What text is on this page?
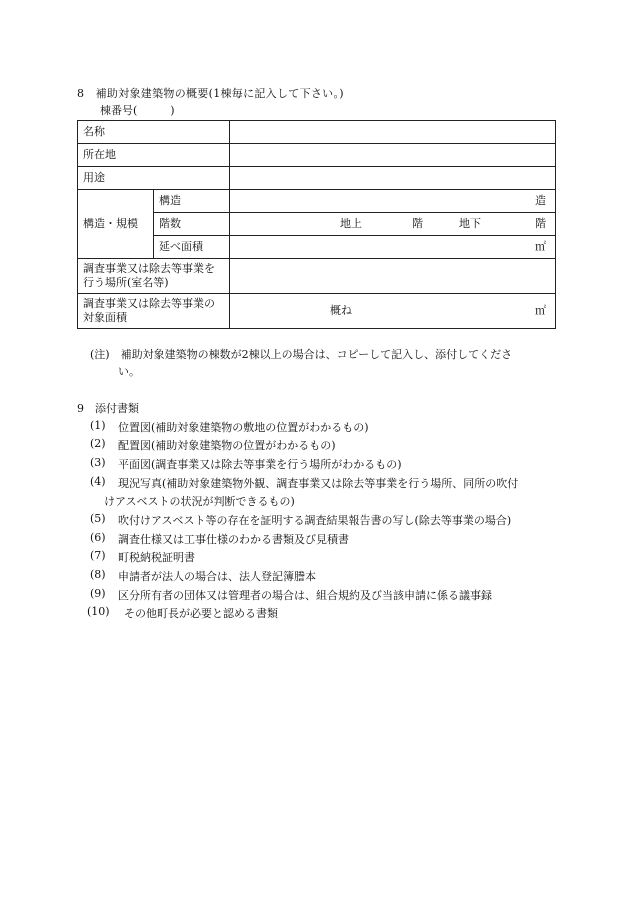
8　補助対象建築物の概要(1棟毎に記入して下さい。)
棟番号(　　　)
名称		
所在地		
用途		
構造・規模	構造	造

	階数	地上 階 地下 階

	延べ面積	㎡

調査事業又は除去等事業を行う場所(室名等)		
調査事業又は除去等事業の対象面積		概ね ㎡
(注)　補助対象建築物の棟数が2棟以上の場合は、コピーして記入し、添付してくださ
い。
9　添付書類
(1) 位置図(補助対象建築物の敷地の位置がわかるもの)
(2) 配置図(補助対象建築物の位置がわかるもの)
(3) 平面図(調査事業又は除去等事業を行う場所がわかるもの)
(4) 現況写真(補助対象建築物外観、調査事業又は除去等事業を行う場所、同所の吹付
けアスベストの状況が判断できるもの)
(5) 吹付けアスベスト等の存在を証明する調査結果報告書の写し(除去等事業の場合)
(6) 調査仕様又は工事仕様のわかる書類及び見積書
(7) 町税納税証明書
(8) 申請者が法人の場合は、法人登記簿謄本
(9) 区分所有者の団体又は管理者の場合は、組合規約及び当該申請に係る議事録
(10) その他町長が必要と認める書類
